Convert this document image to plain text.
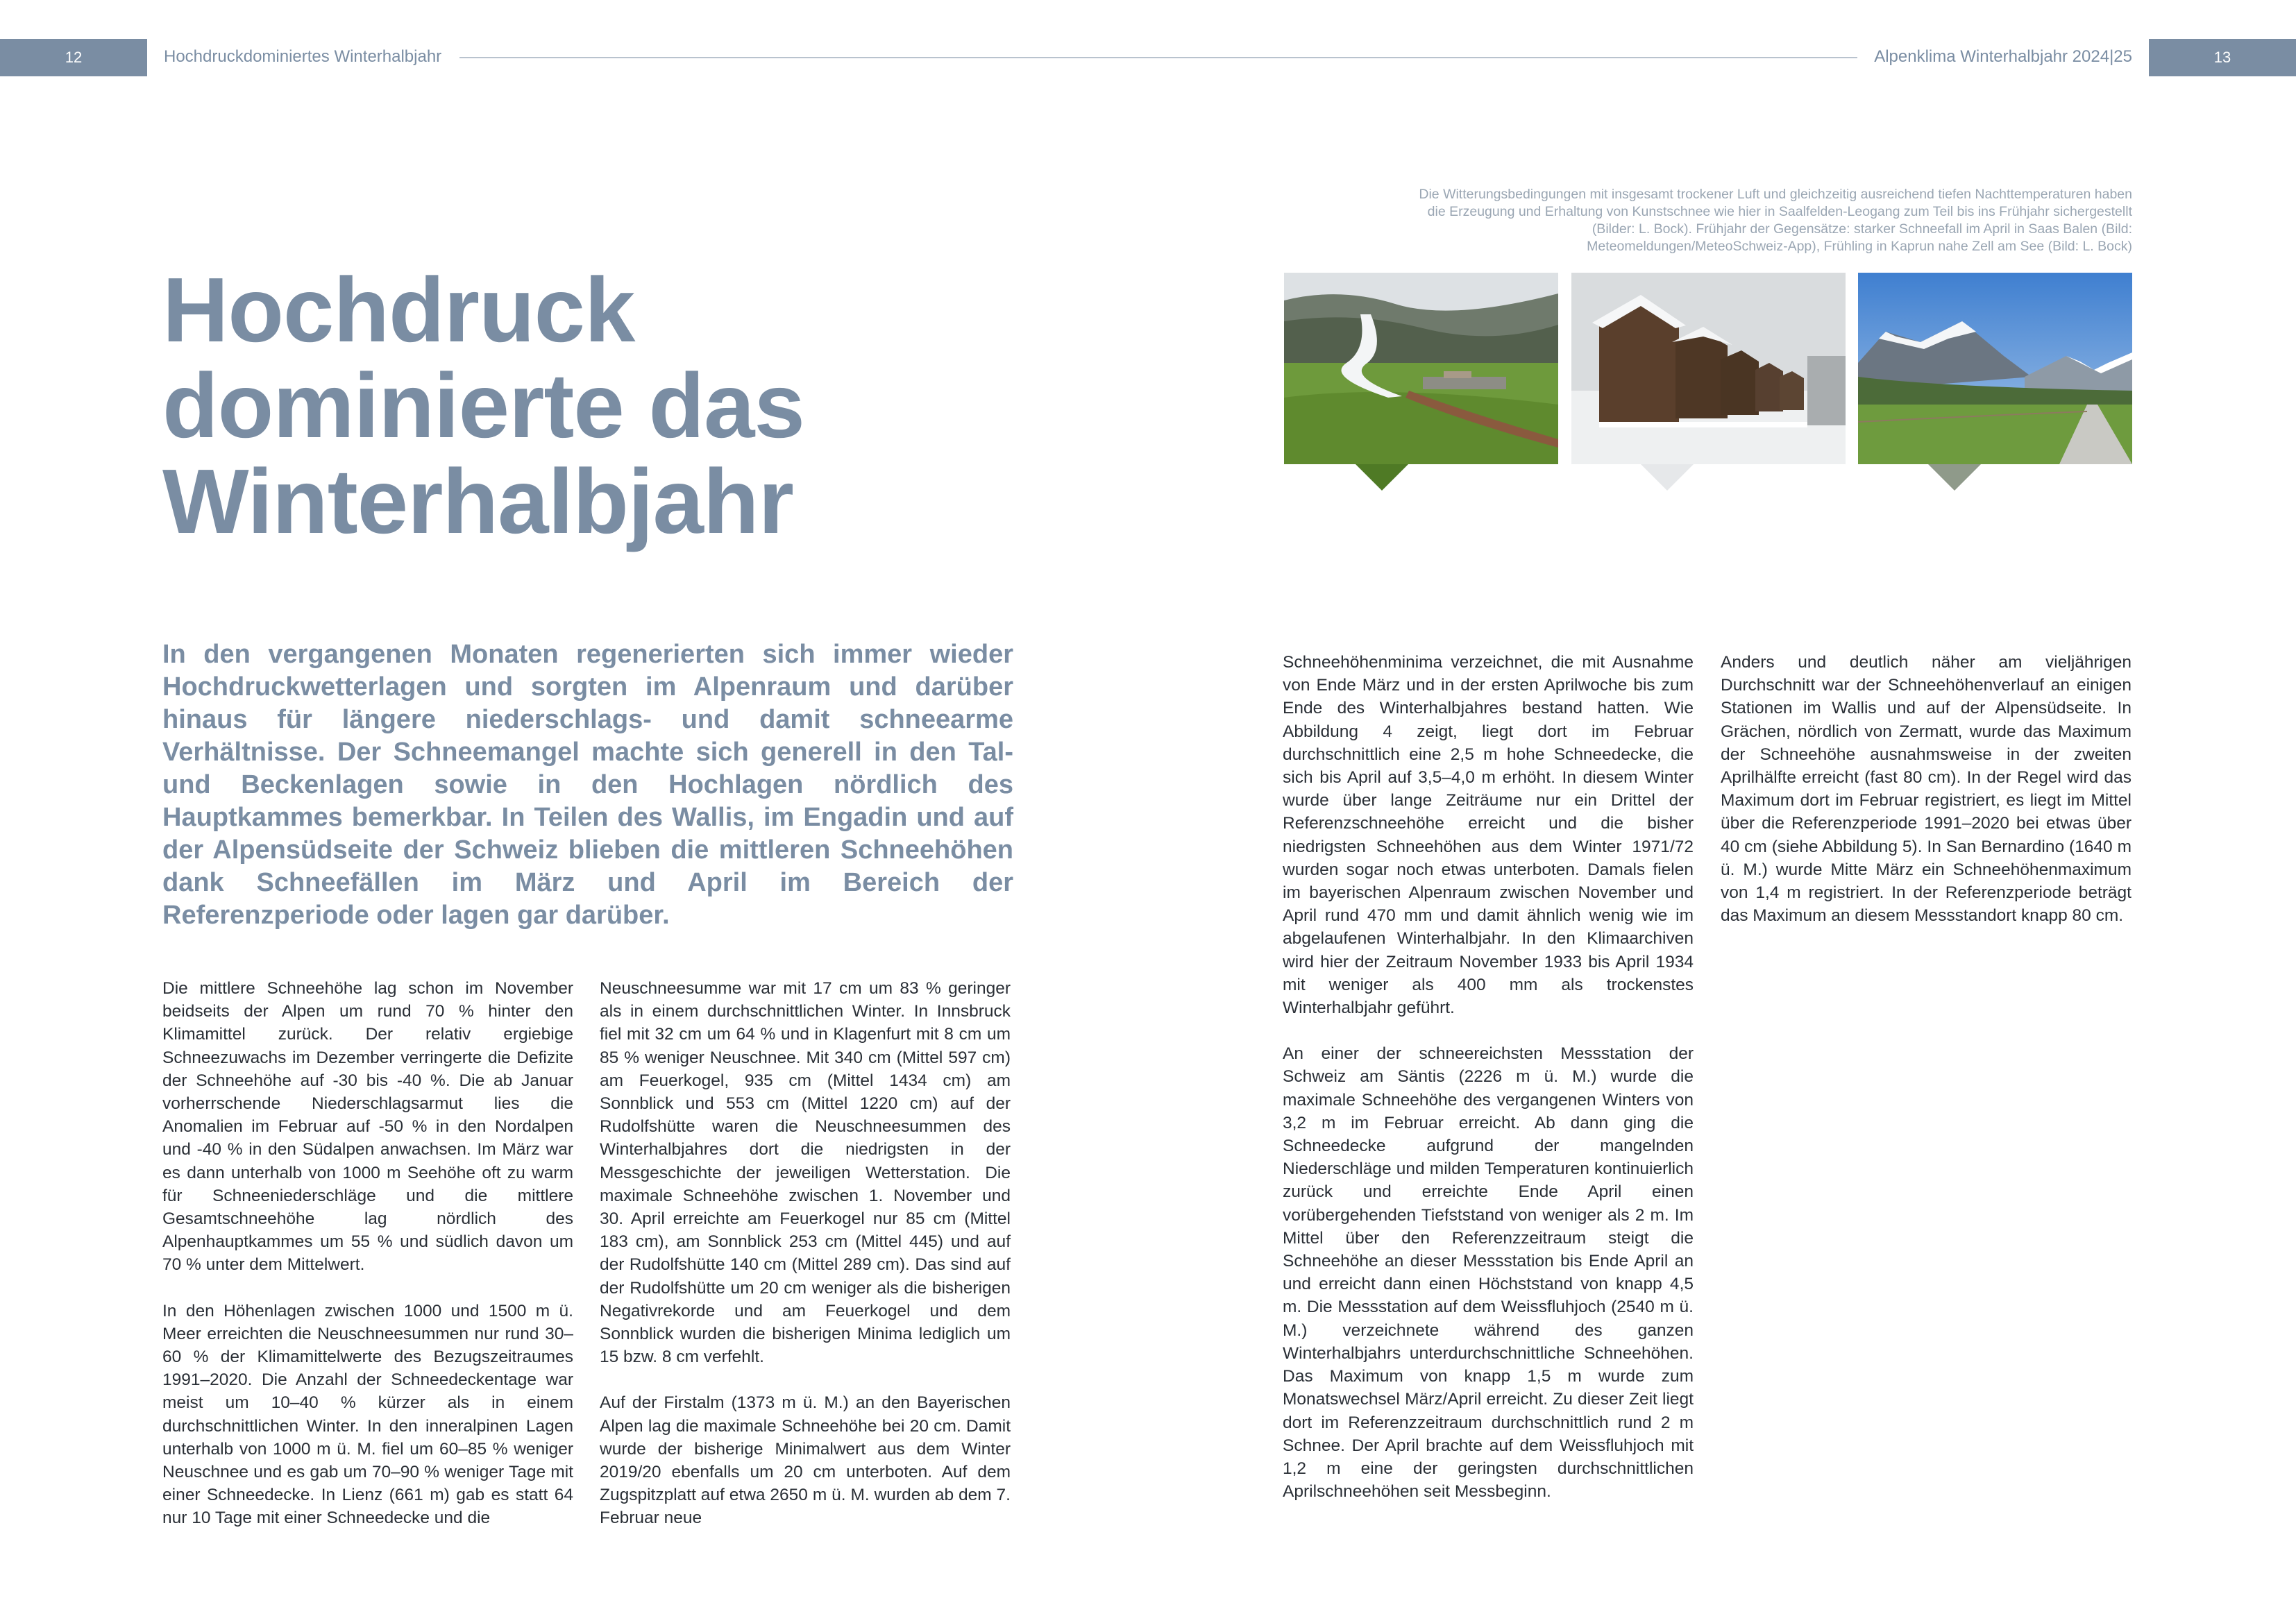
12	Hochdruckdominiertes Winterhalbjahr	Alpenklima Winterhalbjahr 2024|25	13
Hochdruck
dominierte das
Winterhalbjahr

In den vergangenen Monaten regenerierten sich immer wieder Hochdruckwetterlagen und sorgten im Alpenraum und darüber hinaus für längere niederschlags- und damit schneearme Verhältnisse. Der Schneemangel machte sich generell in den Tal- und Beckenlagen sowie in den Hochlagen nördlich des Hauptkammes bemerkbar. In Teilen des Wallis, im Engadin und auf der Alpensüdseite der Schweiz blieben die mittleren Schneehöhen dank Schneefällen im März und April im Bereich der Referenzperiode oder lagen gar darüber.

Die mittlere Schneehöhe lag schon im November beidseits der Alpen um rund 70 % hinter den Klimamittel zurück. Der relativ ergiebige Schneezuwachs im Dezember verringerte die Defizite der Schneehöhe auf -30 bis -40 %. Die ab Januar vorherrschende Niederschlagsarmut lies die Anomalien im Februar auf -50 % in den Nordalpen und -40 % in den Südalpen anwachsen. Im März war es dann unterhalb von 1000 m Seehöhe oft zu warm für Schneeniederschläge und die mittlere Gesamtschneehöhe lag nördlich des Alpenhauptkammes um 55 % und südlich davon um 70 % unter dem Mittelwert.

In den Höhenlagen zwischen 1000 und 1500 m ü. Meer erreichten die Neuschneesummen nur rund 30–60 % der Klimamittelwerte des Bezugszeitraumes 1991–2020. Die Anzahl der Schneedeckentage war meist um 10–40 % kürzer als in einem durchschnittlichen Winter. In den inneralpinen Lagen unterhalb von 1000 m ü. M. fiel um 60–85 % weniger Neuschnee und es gab um 70–90 % weniger Tage mit einer Schneedecke. In Lienz (661 m) gab es statt 64 nur 10 Tage mit einer Schneedecke und die

Neuschneesumme war mit 17 cm um 83 % geringer als in einem durchschnittlichen Winter. In Innsbruck fiel mit 32 cm um 64 % und in Klagenfurt mit 8 cm um 85 % weniger Neuschnee. Mit 340 cm (Mittel 597 cm) am Feuerkogel, 935 cm (Mittel 1434 cm) am Sonnblick und 553 cm (Mittel 1220 cm) auf der Rudolfshütte waren die Neuschneesummen des Winterhalbjahres dort die niedrigsten in der Messgeschichte der jeweiligen Wetterstation. Die maximale Schneehöhe zwischen 1. November und 30. April erreichte am Feuerkogel nur 85 cm (Mittel 183 cm), am Sonnblick 253 cm (Mittel 445) und auf der Rudolfshütte 140 cm (Mittel 289 cm). Das sind auf der Rudolfshütte um 20 cm weniger als die bisherigen Negativrekorde und am Feuerkogel und dem Sonnblick wurden die bisherigen Minima lediglich um 15 bzw. 8 cm verfehlt.

Auf der Firstalm (1373 m ü. M.) an den Bayerischen Alpen lag die maximale Schneehöhe bei 20 cm. Damit wurde der bisherige Minimalwert aus dem Winter 2019/20 ebenfalls um 20 cm unterboten. Auf dem Zugspitzplatt auf etwa 2650 m ü. M. wurden ab dem 7. Februar neue

Schneehöhenminima verzeichnet, die mit Ausnahme von Ende März und in der ersten Aprilwoche bis zum Ende des Winterhalbjahres bestand hatten. Wie Abbildung 4 zeigt, liegt dort im Februar durchschnittlich eine 2,5 m hohe Schneedecke, die sich bis April auf 3,5–4,0 m erhöht. In diesem Winter wurde über lange Zeiträume nur ein Drittel der Referenzschneehöhe erreicht und die bisher niedrigsten Schneehöhen aus dem Winter 1971/72 wurden sogar noch etwas unterboten. Damals fielen im bayerischen Alpenraum zwischen November und April rund 470 mm und damit ähnlich wenig wie im abgelaufenen Winterhalbjahr. In den Klimaarchiven wird hier der Zeitraum November 1933 bis April 1934 mit weniger als 400 mm als trockenstes Winterhalbjahr geführt.

An einer der schneereichsten Messstation der Schweiz am Säntis (2226 m ü. M.) wurde die maximale Schneehöhe des vergangenen Winters von 3,2 m im Februar erreicht. Ab dann ging die Schneedecke aufgrund der mangelnden Niederschläge und milden Temperaturen kontinuierlich zurück und erreichte Ende April einen vorübergehenden Tiefststand von weniger als 2 m. Im Mittel über den Referenzzeitraum steigt die Schneehöhe an dieser Messstation bis Ende April an und erreicht dann einen Höchststand von knapp 4,5 m. Die Messstation auf dem Weissfluhjoch (2540 m ü. M.) verzeichnete während des ganzen Winterhalbjahrs unterdurchschnittliche Schneehöhen. Das Maximum von knapp 1,5 m wurde zum Monatswechsel März/April erreicht. Zu dieser Zeit liegt dort im Referenzzeitraum durchschnittlich rund 2 m Schnee. Der April brachte auf dem Weissfluhjoch mit 1,2 m eine der geringsten durchschnittlichen Aprilschneehöhen seit Messbeginn.

Anders und deutlich näher am vieljährigen Durchschnitt war der Schneehöhenverlauf an einigen Stationen im Wallis und auf der Alpensüdseite. In Grächen, nördlich von Zermatt, wurde das Maximum der Schneehöhe ausnahmsweise in der zweiten Aprilhälfte erreicht (fast 80 cm). In der Regel wird das Maximum dort im Februar registriert, es liegt im Mittel über die Referenzperiode 1991–2020 bei etwas über 40 cm (siehe Abbildung 5). In San Bernardino (1640 m ü. M.) wurde Mitte März ein Schneehöhenmaximum von 1,4 m registriert. In der Referenzperiode beträgt das Maximum an diesem Messstandort knapp 80 cm.

Die Witterungsbedingungen mit insgesamt trockener Luft und gleichzeitig ausreichend tiefen Nachttemperaturen haben die Erzeugung und Erhaltung von Kunstschnee wie hier in Saalfelden-Leogang zum Teil bis ins Frühjahr sichergestellt (Bilder: L. Bock). Frühjahr der Gegensätze: starker Schneefall im April in Saas Balen (Bild: Meteomeldungen/MeteoSchweiz-App), Frühling in Kaprun nahe Zell am See (Bild: L. Bock)
